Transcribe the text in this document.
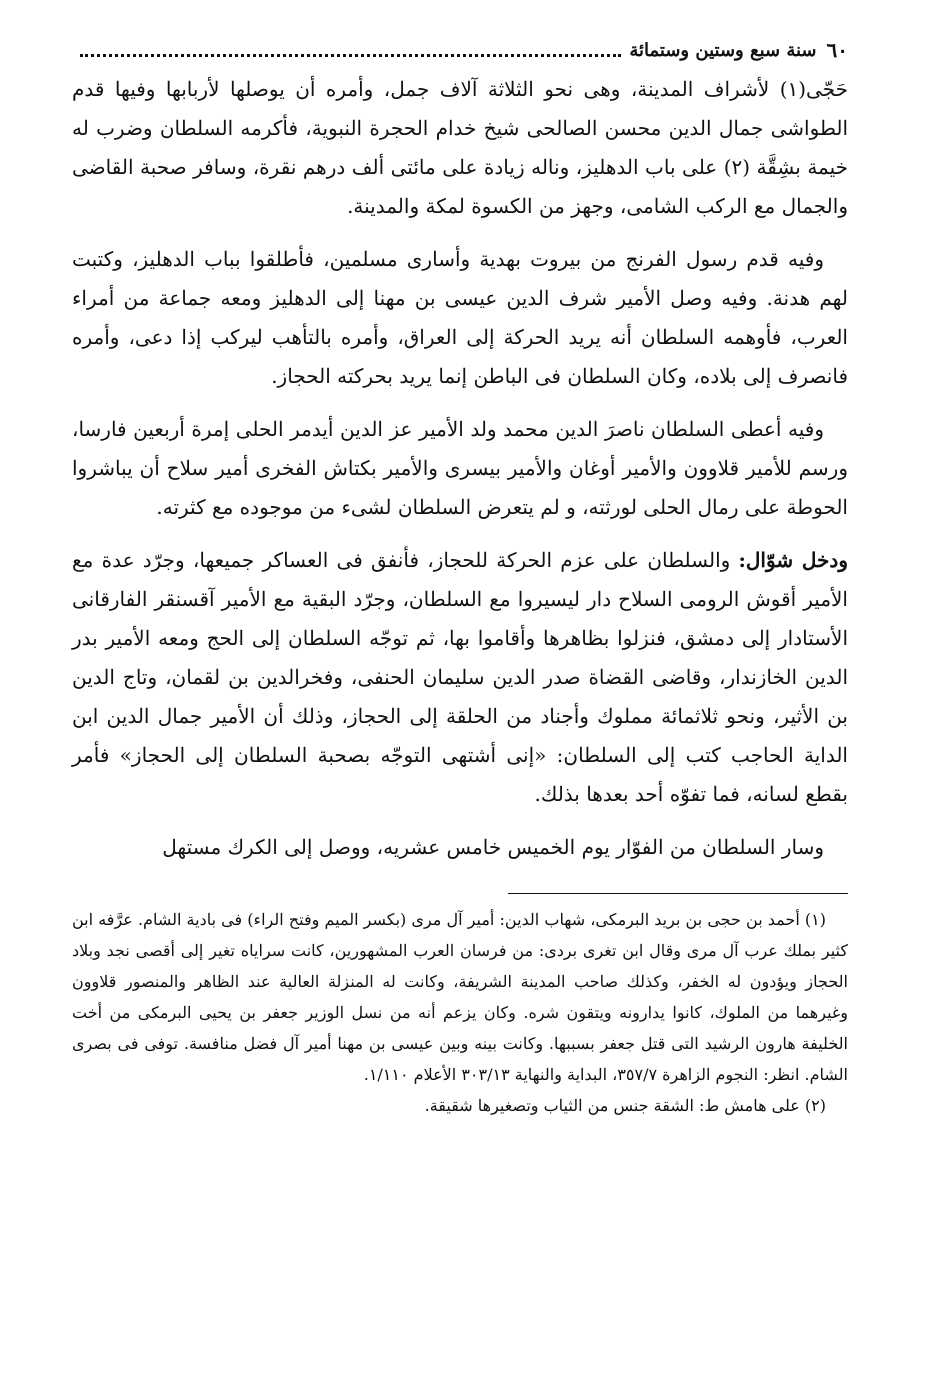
٦٠
سنة سبع وستين وستمائة

حَجّى(١) لأشراف المدينة، وهى نحو الثلاثة آلاف جمل، وأمره أن يوصلها لأربابها وفيها قدم الطواشى جمال الدين محسن الصالحى شيخ خدام الحجرة النبوية، فأكرمه السلطان وضرب له خيمة بشِقَّة (٢) على باب الدهليز، وناله زيادة على مائتى ألف درهم نقرة، وسافر صحبة القاضى والجمال مع الركب الشامى، وجهز من الكسوة لمكة والمدينة.

وفيه قدم رسول الفرنج من بيروت بهدية وأسارى مسلمين، فأطلقوا بباب الدهليز، وكتبت لهم هدنة. وفيه وصل الأمير شرف الدين عيسى بن مهنا إلى الدهليز ومعه جماعة من أمراء العرب، فأوهمه السلطان أنه يريد الحركة إلى العراق، وأمره بالتأهب ليركب إذا دعى، وأمره فانصرف إلى بلاده، وكان السلطان فى الباطن إنما يريد بحركته الحجاز.

وفيه أعطى السلطان ناصرَ الدين محمد ولد الأمير عز الدين أيدمر الحلى إمرة أربعين فارسا، ورسم للأمير قلاوون والأمير أوغان والأمير بيسرى والأمير بكتاش الفخرى أمير سلاح أن يباشروا الحوطة على رمال الحلى لورثته، و لم يتعرض السلطان لشىء من موجوده مع كثرته.

ودخل شوّال: والسلطان على عزم الحركة للحجاز، فأنفق فى العساكر جميعها، وجرّد عدة مع الأمير أقوش الرومى السلاح دار ليسيروا مع السلطان، وجرّد البقية مع الأمير آقسنقر الفارقانى الأستادار إلى دمشق، فنزلوا بظاهرها وأقاموا بها، ثم توجّه السلطان إلى الحج ومعه الأمير بدر الدين الخازندار، وقاضى القضاة صدر الدين سليمان الحنفى، وفخرالدين بن لقمان، وتاج الدين بن الأثير، ونحو ثلاثمائة مملوك وأجناد من الحلقة إلى الحجاز، وذلك أن الأمير جمال الدين ابن الداية الحاجب كتب إلى السلطان: «إنى أشتهى التوجّه بصحبة السلطان إلى الحجاز» فأمر بقطع لسانه، فما تفوّه أحد بعدها بذلك.

وسار السلطان من الفوّار يوم الخميس خامس عشريه، ووصل إلى الكرك مستهل

(١) أحمد بن حجى بن بريد البرمكى، شهاب الدين: أمير آل مرى (بكسر الميم وفتح الراء) فى بادية الشام. عرَّفه ابن كثير بملك عرب آل مرى وقال ابن تغرى بردى: من فرسان العرب المشهورين، كانت سراياه تغير إلى أقصى نجد وبلاد الحجاز ويؤدون له الخفر، وكذلك صاحب المدينة الشريفة، وكانت له المنزلة العالية عند الظاهر والمنصور قلاوون وغيرهما من الملوك، كانوا يدارونه ويتقون شره. وكان يزعم أنه من نسل الوزير جعفر بن يحيى البرمكى من أخت الخليفة هارون الرشيد التى قتل جعفر بسببها. وكانت بينه وبين عيسى بن مهنا أمير آل فضل منافسة. توفى فى بصرى الشام. انظر: النجوم الزاهرة ٣٥٧/٧، البداية والنهاية ٣٠٣/١٣ الأعلام ١/١١٠.

(٢) على هامش ط: الشقة جنس من الثياب وتصغيرها شقيقة.
